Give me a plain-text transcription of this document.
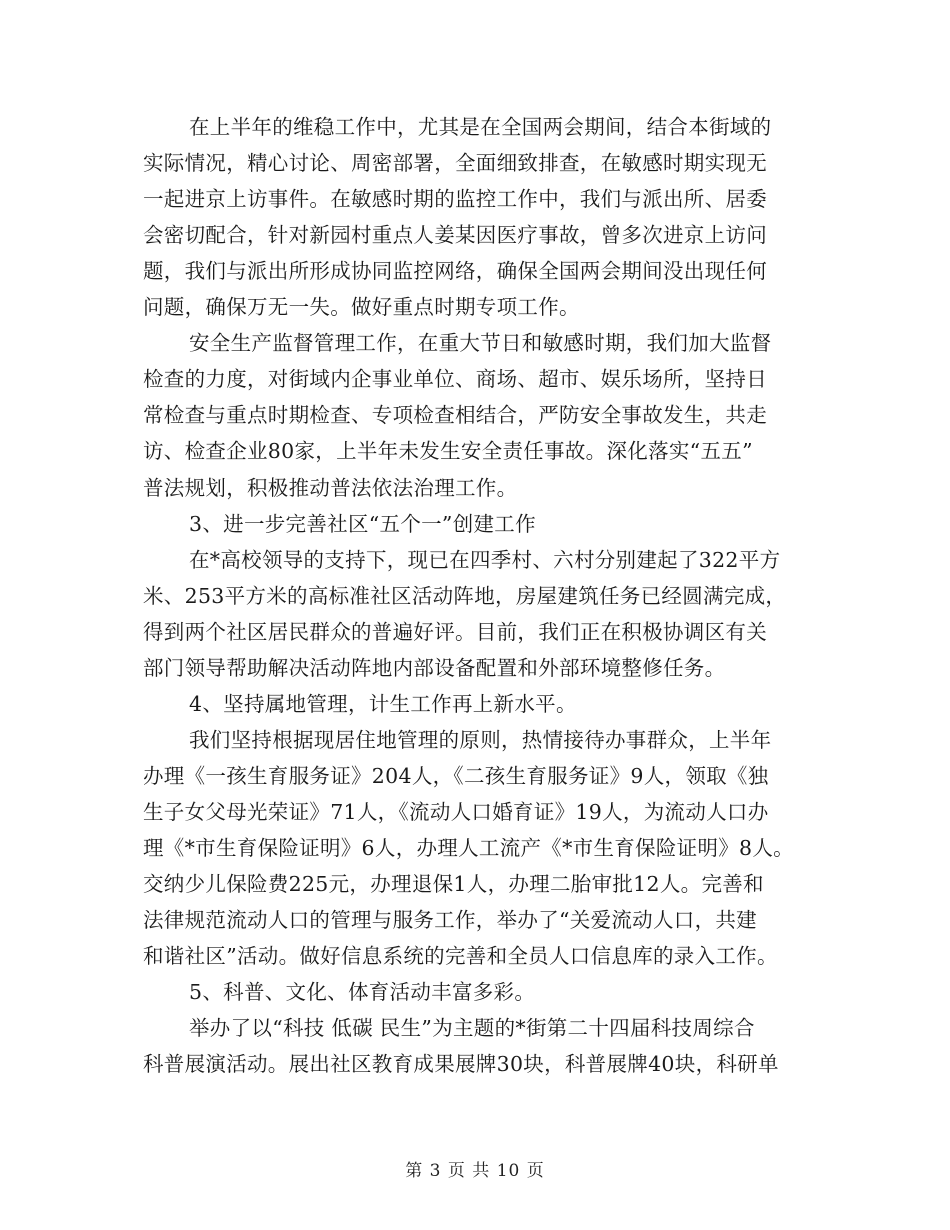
在上半年的维稳工作中，尤其是在全国两会期间，结合本街域的
实际情况，精心讨论、周密部署，全面细致排查，在敏感时期实现无
一起进京上访事件。在敏感时期的监控工作中，我们与派出所、居委
会密切配合，针对新园村重点人姜某因医疗事故，曾多次进京上访问
题，我们与派出所形成协同监控网络，确保全国两会期间没出现任何
问题，确保万无一失。做好重点时期专项工作。
安全生产监督管理工作，在重大节日和敏感时期，我们加大监督
检查的力度，对街域内企事业单位、商场、超市、娱乐场所，坚持日
常检查与重点时期检查、专项检查相结合，严防安全事故发生，共走
访、检查企业80家，上半年未发生安全责任事故。深化落实“五五”
普法规划，积极推动普法依法治理工作。
3、进一步完善社区“五个一”创建工作
在*高校领导的支持下，现已在四季村、六村分别建起了322平方
米、253平方米的高标准社区活动阵地，房屋建筑任务已经圆满完成，
得到两个社区居民群众的普遍好评。目前，我们正在积极协调区有关
部门领导帮助解决活动阵地内部设备配置和外部环境整修任务。
4、坚持属地管理，计生工作再上新水平。
我们坚持根据现居住地管理的原则，热情接待办事群众，上半年
办理《一孩生育服务证》204人，《二孩生育服务证》9人，领取《独
生子女父母光荣证》71人，《流动人口婚育证》19人，为流动人口办
理《*市生育保险证明》6人，办理人工流产《*市生育保险证明》8人。
交纳少儿保险费225元，办理退保1人，办理二胎审批12人。完善和
法律规范流动人口的管理与服务工作，举办了“关爱流动人口，共建
和谐社区”活动。做好信息系统的完善和全员人口信息库的录入工作。
5、科普、文化、体育活动丰富多彩。
举办了以“科技 低碳 民生”为主题的*街第二十四届科技周综合
科普展演活动。展出社区教育成果展牌30块，科普展牌40块，科研单
第 3 页 共 10 页
